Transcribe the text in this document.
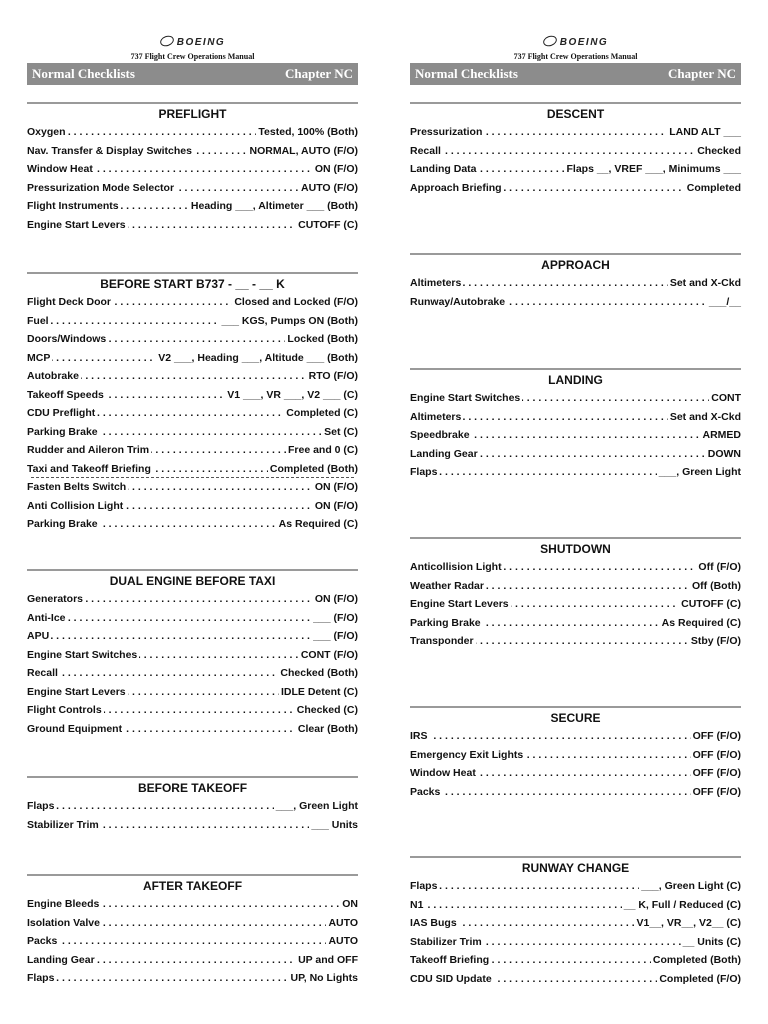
BOEING
737 Flight Crew Operations Manual
Normal Checklists	Chapter NC
PREFLIGHT
. . .
Oxygen	Tested, 100% (Both)
. . .
Nav. Transfer & Display Switches	NORMAL, AUTO (F/O)
. . .
Window Heat	ON (F/O)
. . .
Pressurization Mode Selector	AUTO (F/O)
. . .
Flight Instruments	Heading ___, Altimeter ___ (Both)
. . .
Engine Start Levers	CUTOFF (C)
BEFORE START B737 - __ - __ K
. . .
Flight Deck Door	Closed and Locked (F/O)
. . .
Fuel	___ KGS, Pumps ON (Both)
. . .
Doors/Windows	Locked (Both)
. . .
MCP	V2 ___, Heading ___, Altitude ___ (Both)
. . .
Autobrake	RTO (F/O)
. . .
Takeoff Speeds	V1 ___, VR ___, V2 ___ (C)
. . .
CDU Preflight	Completed (C)
. . .
Parking Brake	Set (C)
. . .
Rudder and Aileron Trim	Free and 0 (C)
. . .
Taxi and Takeoff Briefing	Completed (Both)
. . .
Fasten Belts Switch	ON (F/O)
. . .
Anti Collision Light	ON (F/O)
. . .
Parking Brake	As Required (C)
DUAL ENGINE BEFORE TAXI
. . .
Generators	ON (F/O)
. . .
Anti-Ice	___ (F/O)
. . .
APU	___ (F/O)
. . .
Engine Start Switches	CONT (F/O)
. . .
Recall	Checked (Both)
. . .
Engine Start Levers	IDLE Detent (C)
. . .
Flight Controls	Checked (C)
. . .
Ground Equipment	Clear (Both)
BEFORE TAKEOFF
. . .
Flaps	___, Green Light
. . .
Stabilizer Trim	___ Units
AFTER TAKEOFF
. . .
Engine Bleeds	ON
. . .
Isolation Valve	AUTO
. . .
Packs	AUTO
. . .
Landing Gear	UP and OFF
. . .
Flaps	UP, No Lights
BOEING
737 Flight Crew Operations Manual
Normal Checklists	Chapter NC
DESCENT
. . .
Pressurization	LAND ALT ___
. . .
Recall	Checked
. . .
Landing Data	Flaps __, VREF ___, Minimums ___
. . .
Approach Briefing	Completed
APPROACH
. . .
Altimeters	Set and X-Ckd
. . .
Runway/Autobrake	___/__
LANDING
. . .
Engine Start Switches	CONT
. . .
Altimeters	Set and X-Ckd
. . .
Speedbrake	ARMED
. . .
Landing Gear	DOWN
. . .
Flaps	___, Green Light
SHUTDOWN
. . .
Anticollision Light	Off (F/O)
. . .
Weather Radar	Off (Both)
. . .
Engine Start Levers	CUTOFF (C)
. . .
Parking Brake	As Required (C)
. . .
Transponder	Stby (F/O)
SECURE
. . .
IRS	OFF (F/O)
. . .
Emergency Exit Lights	OFF (F/O)
. . .
Window Heat	OFF (F/O)
. . .
Packs	OFF (F/O)
RUNWAY CHANGE
. . .
Flaps	___, Green Light (C)
. . .
N1	__ K, Full / Reduced (C)
. . .
IAS Bugs	V1__, VR__, V2__ (C)
. . .
Stabilizer Trim	__ Units (C)
. . .
Takeoff Briefing	Completed (Both)
. . .
CDU SID Update	Completed (F/O)
